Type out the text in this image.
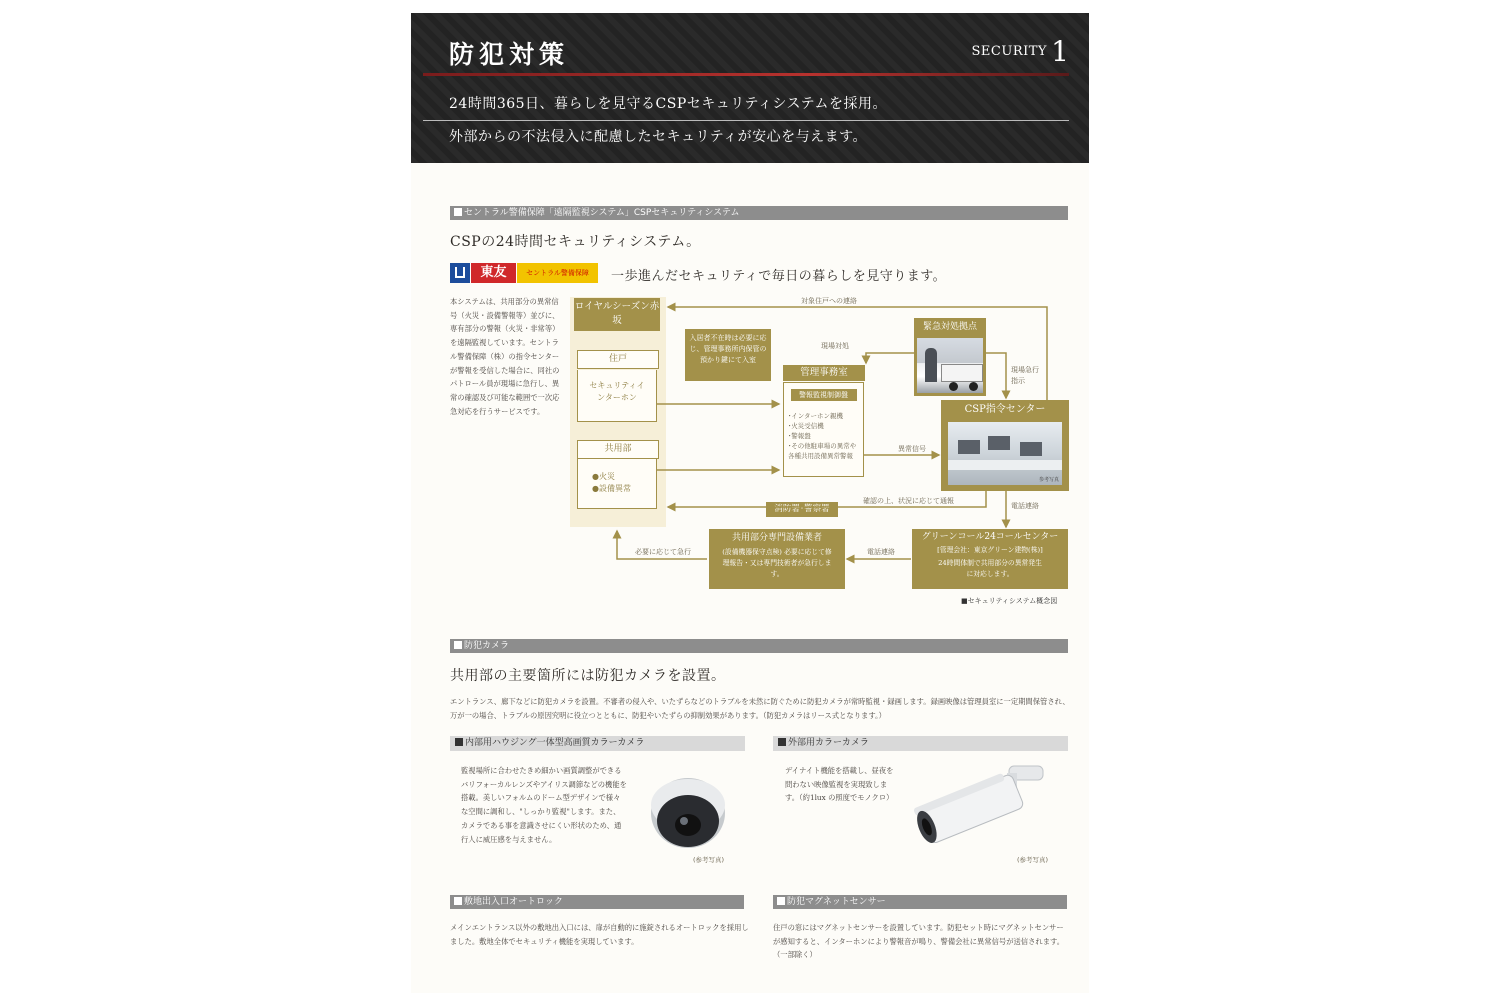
防犯対策	SECURITY 1
24時間365日、暮らしを見守るCSPセキュリティシステムを採用。
外部からの不法侵入に配慮したセキュリティが安心を与えます。
セントラル警備保障「遠隔監視システム」CSPセキュリティシステム
CSPの24時間セキュリティシステム。
東友	セントラル警備保障	一歩進んだセキュリティで毎日の暮らしを見守ります。
本システムは、共用部分の異常信号（火災・設備警報等）並びに、専有部分の警報（火災・非常等）を遠隔監視しています。セントラル警備保障（株）の指令センターが警報を受信した場合に、同社のパトロール員が現場に急行し、異常の確認及び可能な範囲で一次応急対応を行うサービスです。
ロイヤルシーズン赤坂
住戸
セキュリティインターホン
共用部
●火災
●設備異常
入居者不在時は必要に応じ、管理事務所内保管の預かり鍵にて入室
管理事務室
警報監視制御盤
･インターホン親機
･火災受信機
･警報盤
･その他駐車場の異常や
各種共用設備異常警報
緊急対処拠点
CSP指令センター
参考写真
消防署･警察署
共用部分専門設備業者
(設備機器保守点検) 必要に応じて修理報告・又は専門技術者が急行します。
グリーンコール24コールセンター
[管理会社：東京グリーン建物(株)]
24時間体制で共用部分の異常発生に対応します。
対象住戸への連絡
現場対処
現場急行指示
異常信号
確認の上、状況に応じて通報
電話連絡
電話連絡
必要に応じて急行
■セキュリティシステム概念図
防犯カメラ
共用部の主要箇所には防犯カメラを設置。
エントランス、廊下などに防犯カメラを設置。不審者の侵入や、いたずらなどのトラブルを未然に防ぐために防犯カメラが常時監視・録画します。録画映像は管理員室に一定期間保管され、万が一の場合、トラブルの原因究明に役立つとともに、防犯やいたずらの抑制効果があります。（防犯カメラはリース式となります。）
内部用ハウジング一体型高画質カラーカメラ
監視場所に合わせたきめ細かい画質調整ができるバリフォーカルレンズやアイリス調節などの機能を搭載。美しいフォルムのドーム型デザインで様々な空間に調和し、"しっかり監視"します。また、カメラである事を意識させにくい形状のため、通行人に威圧感を与えません。
(参考写真)
外部用カラーカメラ
デイナイト機能を搭載し、昼夜を問わない映像監視を実現致します。（約1lux の照度でモノクロ）
(参考写真)
敷地出入口オートロック
メインエントランス以外の敷地出入口には、扉が自動的に施錠されるオートロックを採用しました。敷地全体でセキュリティ機能を実現しています。
防犯マグネットセンサー
住戸の窓にはマグネットセンサーを設置しています。防犯セット時にマグネットセンサーが感知すると、インターホンにより警報音が鳴り、警備会社に異常信号が送信されます。（一部除く）
